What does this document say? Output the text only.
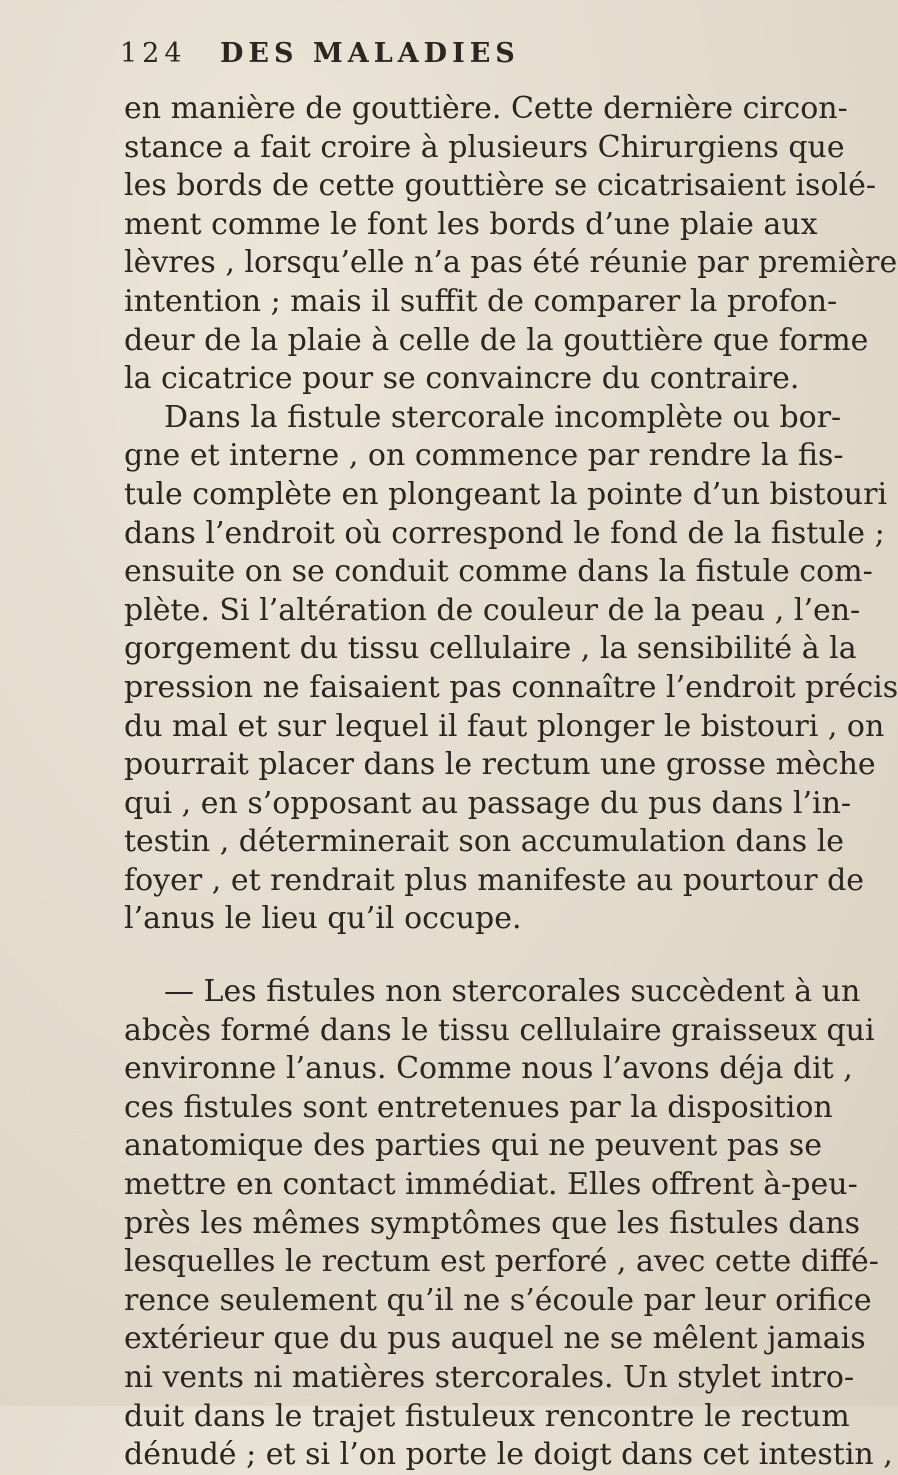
124 DES MALADIES
en manière de gouttière. Cette dernière circon-
stance a fait croire à plusieurs Chirurgiens que
les bords de cette gouttière se cicatrisaient isolé-
ment comme le font les bords d’une plaie aux
lèvres , lorsqu’elle n’a pas été réunie par première
intention ; mais il suffit de comparer la profon-
deur de la plaie à celle de la gouttière que forme
la cicatrice pour se convaincre du contraire.
Dans la fistule stercorale incomplète ou bor-
gne et interne , on commence par rendre la fis-
tule complète en plongeant la pointe d’un bistouri
dans l’endroit où correspond le fond de la fistule ;
ensuite on se conduit comme dans la fistule com-
plète. Si l’altération de couleur de la peau , l’en-
gorgement du tissu cellulaire , la sensibilité à la
pression ne faisaient pas connaître l’endroit précis
du mal et sur lequel il faut plonger le bistouri , on
pourrait placer dans le rectum une grosse mèche
qui , en s’opposant au passage du pus dans l’in-
testin , déterminerait son accumulation dans le
foyer , et rendrait plus manifeste au pourtour de
l’anus le lieu qu’il occupe.
— Les fistules non stercorales succèdent à un
abcès formé dans le tissu cellulaire graisseux qui
environne l’anus. Comme nous l’avons déja dit ,
ces fistules sont entretenues par la disposition
anatomique des parties qui ne peuvent pas se
mettre en contact immédiat. Elles offrent à-peu-
près les mêmes symptômes que les fistules dans
lesquelles le rectum est perforé , avec cette diffé-
rence seulement qu’il ne s’écoule par leur orifice
extérieur que du pus auquel ne se mêlent jamais
ni vents ni matières stercorales. Un stylet intro-
duit dans le trajet fistuleux rencontre le rectum
dénudé ; et si l’on porte le doigt dans cet intestin ,
